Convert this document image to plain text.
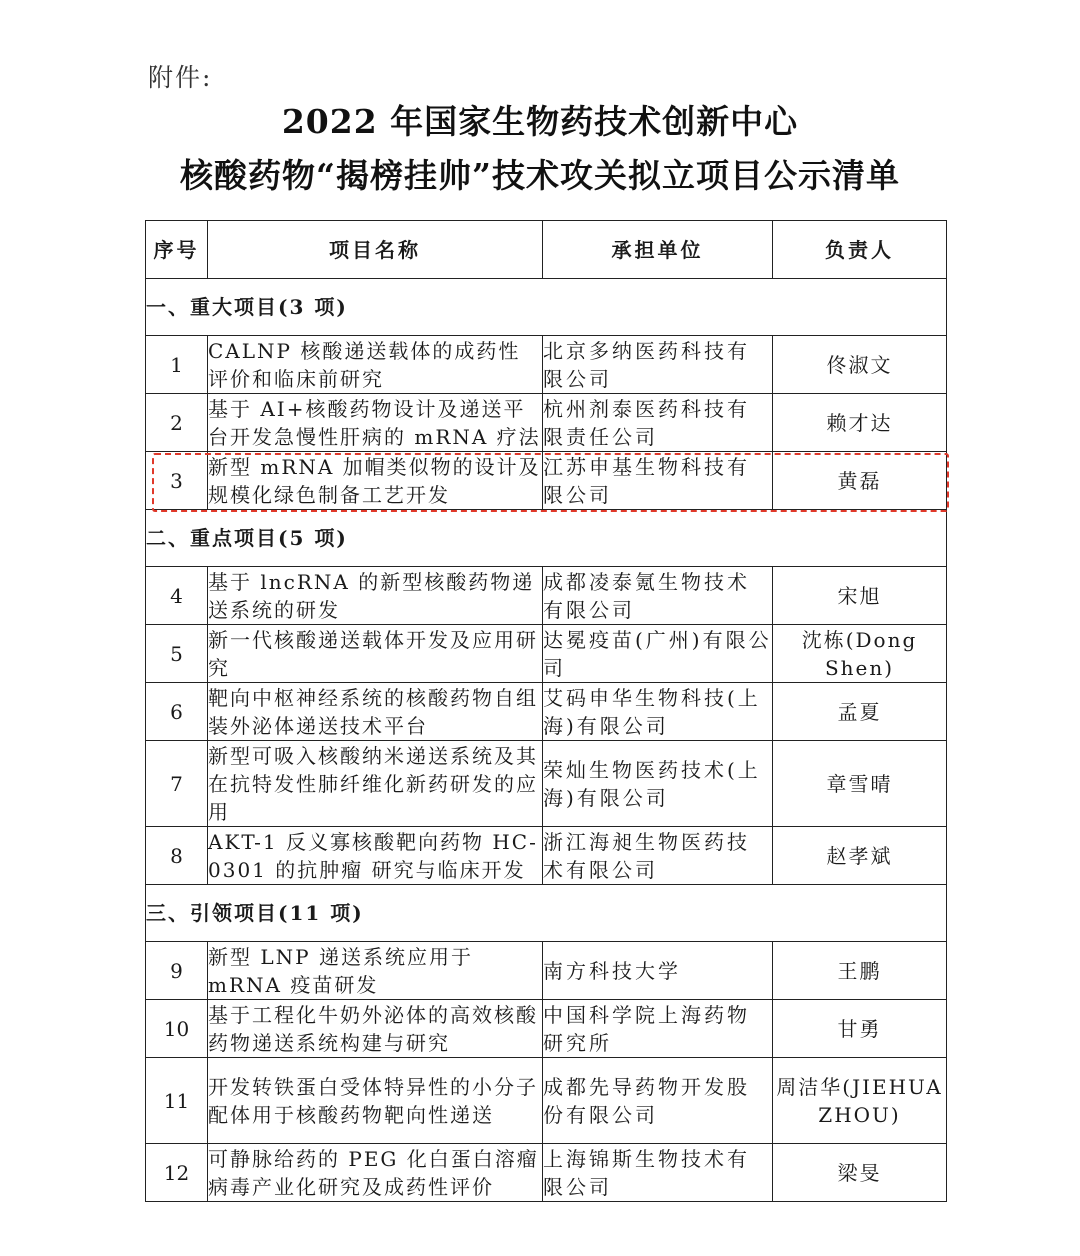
附件:
2022 年国家生物药技术创新中心
核酸药物“揭榜挂帅”技术攻关拟立项目公示清单
序号	项目名称	承担单位	负责人
一、重大项目(3 项)			
1	CALNP 核酸递送载体的成药性评价和临床前研究	北京多纳医药科技有限公司	佟淑文
2	基于 AI+核酸药物设计及递送平台开发急慢性肝病的 mRNA 疗法	杭州剂泰医药科技有限责任公司	赖才达
3	新型 mRNA 加帽类似物的设计及规模化绿色制备工艺开发	江苏申基生物科技有限公司	黄磊
二、重点项目(5 项)			
4	基于 lncRNA 的新型核酸药物递送系统的研发	成都凌泰氪生物技术有限公司	宋旭
5	新一代核酸递送载体开发及应用研究	达冕疫苗(广州)有限公司	沈栋(Dong Shen)
6	靶向中枢神经系统的核酸药物自组装外泌体递送技术平台	艾码申华生物科技(上海)有限公司	孟夏
7	新型可吸入核酸纳米递送系统及其在抗特发性肺纤维化新药研发的应用	荣灿生物医药技术(上海)有限公司	章雪晴
8	AKT-1 反义寡核酸靶向药物 HC-0301 的抗肿瘤 研究与临床开发	浙江海昶生物医药技术有限公司	赵孝斌
三、引领项目(11 项)			
9	新型 LNP 递送系统应用于 mRNA 疫苗研发	南方科技大学	王鹏
10	基于工程化牛奶外泌体的高效核酸药物递送系统构建与研究	中国科学院上海药物研究所	甘勇
11	开发转铁蛋白受体特异性的小分子配体用于核酸药物靶向性递送	成都先导药物开发股份有限公司	周洁华(JIEHUA ZHOU)
12	可静脉给药的 PEG 化白蛋白溶瘤病毒产业化研究及成药性评价	上海锦斯生物技术有限公司	梁旻
